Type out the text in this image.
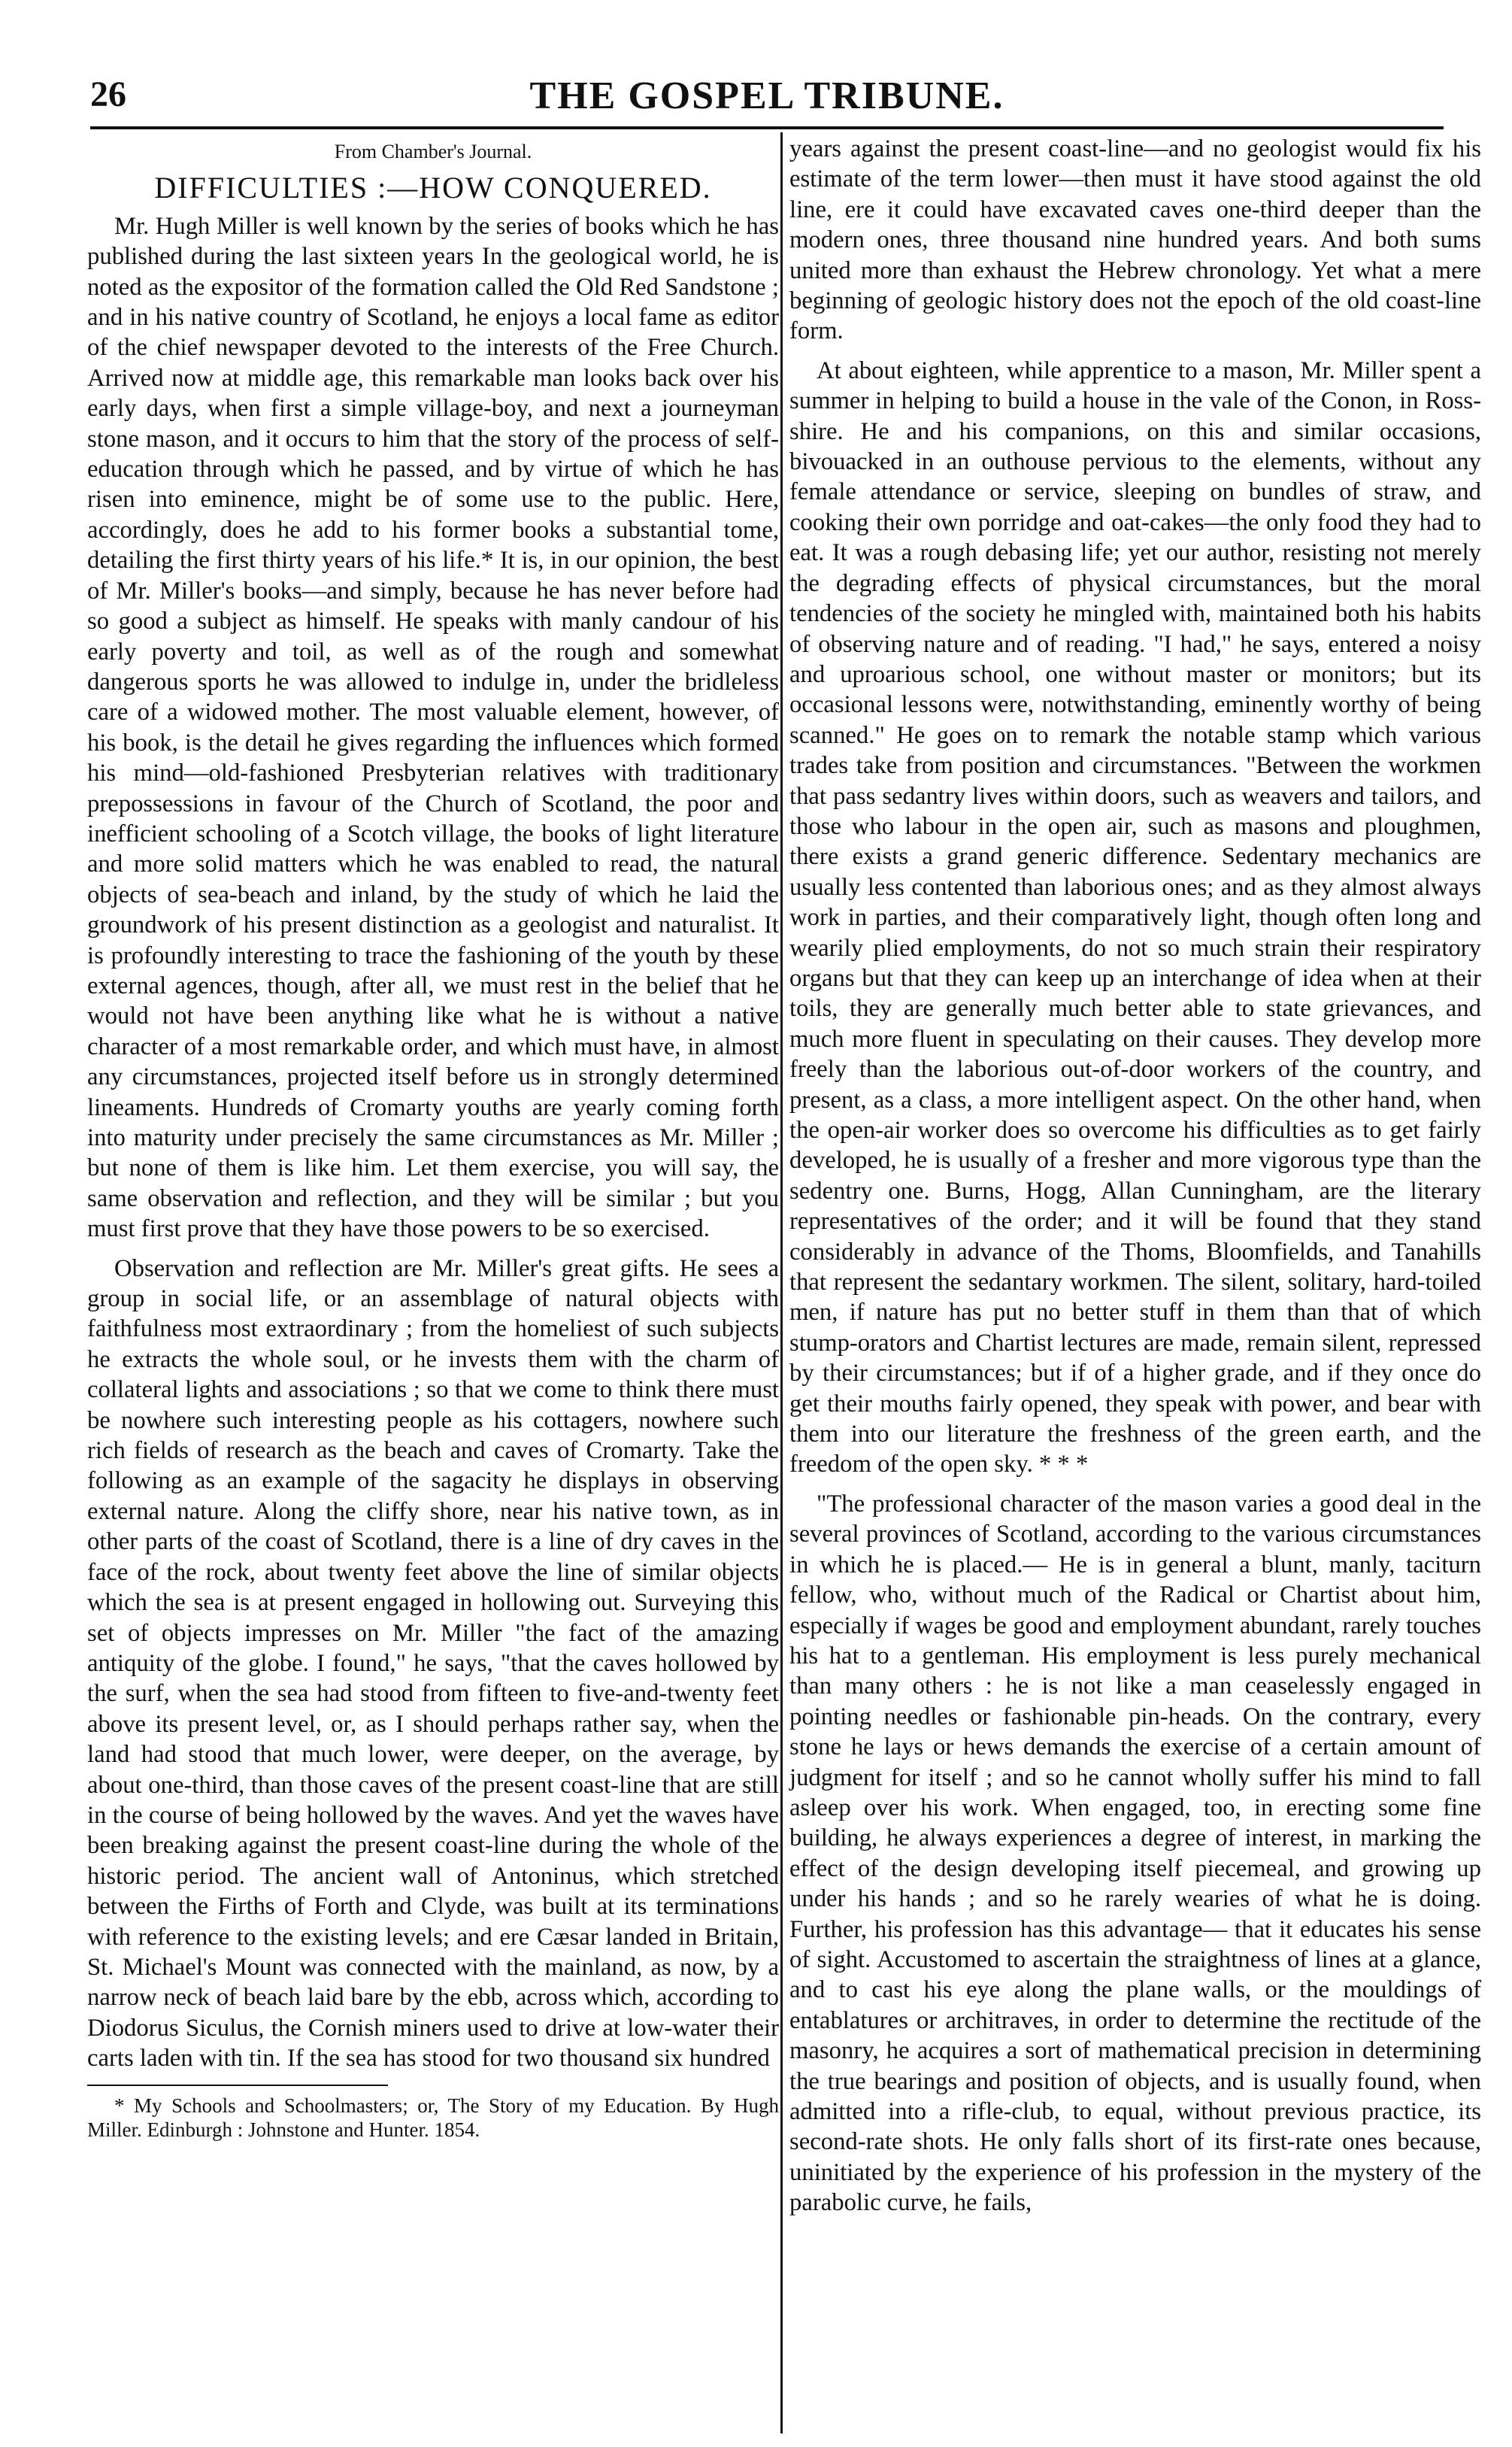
26	THE GOSPEL TRIBUNE.
From Chamber's Journal.
DIFFICULTIES :—HOW CONQUERED.

Mr. Hugh Miller is well known by the series of books which he has published during the last sixteen years In the geological world, he is noted as the expositor of the formation called the Old Red Sandstone ; and in his native country of Scotland, he enjoys a local fame as editor of the chief newspaper devoted to the interests of the Free Church. Arrived now at middle age, this remarkable man looks back over his early days, when first a simple village-boy, and next a journeyman stone mason, and it occurs to him that the story of the process of self-education through which he passed, and by virtue of which he has risen into eminence, might be of some use to the public. Here, accordingly, does he add to his former books a substantial tome, detailing the first thirty years of his life.* It is, in our opinion, the best of Mr. Miller's books—and simply, because he has never before had so good a subject as himself. He speaks with manly candour of his early poverty and toil, as well as of the rough and somewhat dangerous sports he was allowed to indulge in, under the bridleless care of a widowed mother. The most valuable element, however, of his book, is the detail he gives regarding the influences which formed his mind—old-fashioned Presbyterian relatives with traditionary prepossessions in favour of the Church of Scotland, the poor and inefficient schooling of a Scotch village, the books of light literature and more solid matters which he was enabled to read, the natural objects of sea-beach and inland, by the study of which he laid the groundwork of his present distinction as a geologist and naturalist. It is profoundly interesting to trace the fashioning of the youth by these external agences, though, after all, we must rest in the belief that he would not have been anything like what he is without a native character of a most remarkable order, and which must have, in almost any circumstances, projected itself before us in strongly determined lineaments. Hundreds of Cromarty youths are yearly coming forth into maturity under precisely the same circumstances as Mr. Miller ; but none of them is like him. Let them exercise, you will say, the same observation and reflection, and they will be similar ; but you must first prove that they have those powers to be so exercised.

Observation and reflection are Mr. Miller's great gifts. He sees a group in social life, or an assemblage of natural objects with faithfulness most extraordinary ; from the homeliest of such subjects he extracts the whole soul, or he invests them with the charm of collateral lights and associations ; so that we come to think there must be nowhere such interesting people as his cottagers, nowhere such rich fields of research as the beach and caves of Cromarty. Take the following as an example of the sagacity he displays in observing external nature. Along the cliffy shore, near his native town, as in other parts of the coast of Scotland, there is a line of dry caves in the face of the rock, about twenty feet above the line of similar objects which the sea is at present engaged in hollowing out. Surveying this set of objects impresses on Mr. Miller "the fact of the amazing antiquity of the globe. I found," he says, "that the caves hollowed by the surf, when the sea had stood from fifteen to five-and-twenty feet above its present level, or, as I should perhaps rather say, when the land had stood that much lower, were deeper, on the average, by about one-third, than those caves of the present coast-line that are still in the course of being hollowed by the waves. And yet the waves have been breaking against the present coast-line during the whole of the historic period. The ancient wall of Antoninus, which stretched between the Firths of Forth and Clyde, was built at its terminations with reference to the existing levels; and ere Cæsar landed in Britain, St. Michael's Mount was connected with the mainland, as now, by a narrow neck of beach laid bare by the ebb, across which, according to Diodorus Siculus, the Cornish miners used to drive at low-water their carts laden with tin. If the sea has stood for two thousand six hundred

* My Schools and Schoolmasters; or, The Story of my Education. By Hugh Miller. Edinburgh : Johnstone and Hunter. 1854.

years against the present coast-line—and no geologist would fix his estimate of the term lower—then must it have stood against the old line, ere it could have excavated caves one-third deeper than the modern ones, three thousand nine hundred years. And both sums united more than exhaust the Hebrew chronology. Yet what a mere beginning of geologic history does not the epoch of the old coast-line form.

At about eighteen, while apprentice to a mason, Mr. Miller spent a summer in helping to build a house in the vale of the Conon, in Ross-shire. He and his companions, on this and similar occasions, bivouacked in an outhouse pervious to the elements, without any female attendance or service, sleeping on bundles of straw, and cooking their own porridge and oat-cakes—the only food they had to eat. It was a rough debasing life; yet our author, resisting not merely the degrading effects of physical circumstances, but the moral tendencies of the society he mingled with, maintained both his habits of observing nature and of reading. "I had," he says, entered a noisy and uproarious school, one without master or monitors; but its occasional lessons were, notwithstanding, eminently worthy of being scanned." He goes on to remark the notable stamp which various trades take from position and circumstances. "Between the workmen that pass sedantry lives within doors, such as weavers and tailors, and those who labour in the open air, such as masons and ploughmen, there exists a grand generic difference. Sedentary mechanics are usually less contented than laborious ones; and as they almost always work in parties, and their comparatively light, though often long and wearily plied employments, do not so much strain their respiratory organs but that they can keep up an interchange of idea when at their toils, they are generally much better able to state grievances, and much more fluent in speculating on their causes. They develop more freely than the laborious out-of-door workers of the country, and present, as a class, a more intelligent aspect. On the other hand, when the open-air worker does so overcome his difficulties as to get fairly developed, he is usually of a fresher and more vigorous type than the sedentry one. Burns, Hogg, Allan Cunningham, are the literary representatives of the order; and it will be found that they stand considerably in advance of the Thoms, Bloomfields, and Tanahills that represent the sedantary workmen. The silent, solitary, hard-toiled men, if nature has put no better stuff in them than that of which stump-orators and Chartist lectures are made, remain silent, repressed by their circumstances; but if of a higher grade, and if they once do get their mouths fairly opened, they speak with power, and bear with them into our literature the freshness of the green earth, and the freedom of the open sky. * * *

"The professional character of the mason varies a good deal in the several provinces of Scotland, according to the various circumstances in which he is placed.— He is in general a blunt, manly, taciturn fellow, who, without much of the Radical or Chartist about him, especially if wages be good and employment abundant, rarely touches his hat to a gentleman. His employment is less purely mechanical than many others : he is not like a man ceaselessly engaged in pointing needles or fashionable pin-heads. On the contrary, every stone he lays or hews demands the exercise of a certain amount of judgment for itself ; and so he cannot wholly suffer his mind to fall asleep over his work. When engaged, too, in erecting some fine building, he always experiences a degree of interest, in marking the effect of the design developing itself piecemeal, and growing up under his hands ; and so he rarely wearies of what he is doing. Further, his profession has this advantage— that it educates his sense of sight. Accustomed to ascertain the straightness of lines at a glance, and to cast his eye along the plane walls, or the mouldings of entablatures or architraves, in order to determine the rectitude of the masonry, he acquires a sort of mathematical precision in determining the true bearings and position of objects, and is usually found, when admitted into a rifle-club, to equal, without previous practice, its second-rate shots. He only falls short of its first-rate ones because, uninitiated by the experience of his profession in the mystery of the parabolic curve, he fails,
